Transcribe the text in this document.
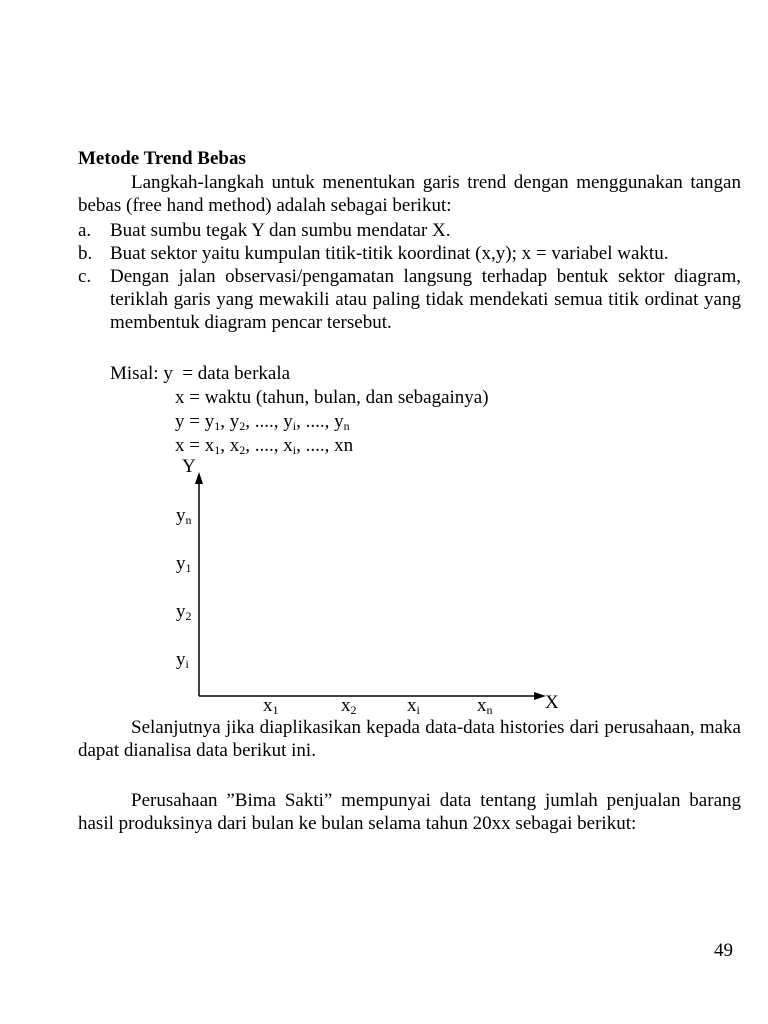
Metode Trend Bebas
Langkah-langkah untuk menentukan garis trend dengan menggunakan tangan bebas (free hand method) adalah sebagai berikut:
a. Buat sumbu tegak Y dan sumbu mendatar X.
b. Buat sektor yaitu kumpulan titik-titik koordinat (x,y); x = variabel waktu.
c. Dengan jalan observasi/pengamatan langsung terhadap bentuk sektor diagram, teriklah garis yang mewakili atau paling tidak mendekati semua titik ordinat yang membentuk diagram pencar tersebut.
Misal: y  = data berkala
x = waktu (tahun, bulan, dan sebagainya)
$y = y_1$, $y_2$, ...., $y_i$, ...., $y_n$
$x = x_1$, $x_2$, ...., $x_i$, ...., xn
Y
X
$y_n$
$y_1$
$y_2$
$y_i$
$x_1$	$x_2$	$x_i$	$x_n$
Selanjutnya jika diaplikasikan kepada data-data histories dari perusahaan, maka dapat dianalisa data berikut ini.
Perusahaan ”Bima Sakti” mempunyai data tentang jumlah penjualan barang hasil produksinya dari bulan ke bulan selama tahun 20xx sebagai berikut:
49
